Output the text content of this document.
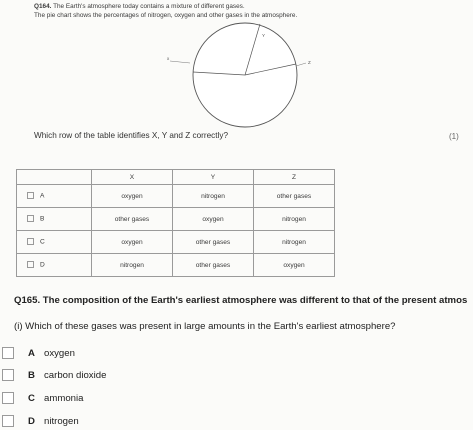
Q164. The Earth's atmosphere today contains a mixture of different gases.
The pie chart shows the percentages of nitrogen, oxygen and other gases in the atmosphere.
Y
x
Z
Which row of the table identifies X, Y and Z correctly?	(1)
	X	Y	Z
A	oxygen	nitrogen	other gases
B	other gases	oxygen	nitrogen
C	oxygen	other gases	nitrogen
D	nitrogen	other gases	oxygen
Q165. The composition of the Earth's earliest atmosphere was different to that of the present atmos
(i) Which of these gases was present in large amounts in the Earth's earliest atmosphere?
A oxygen
B carbon dioxide
C ammonia
D nitrogen
